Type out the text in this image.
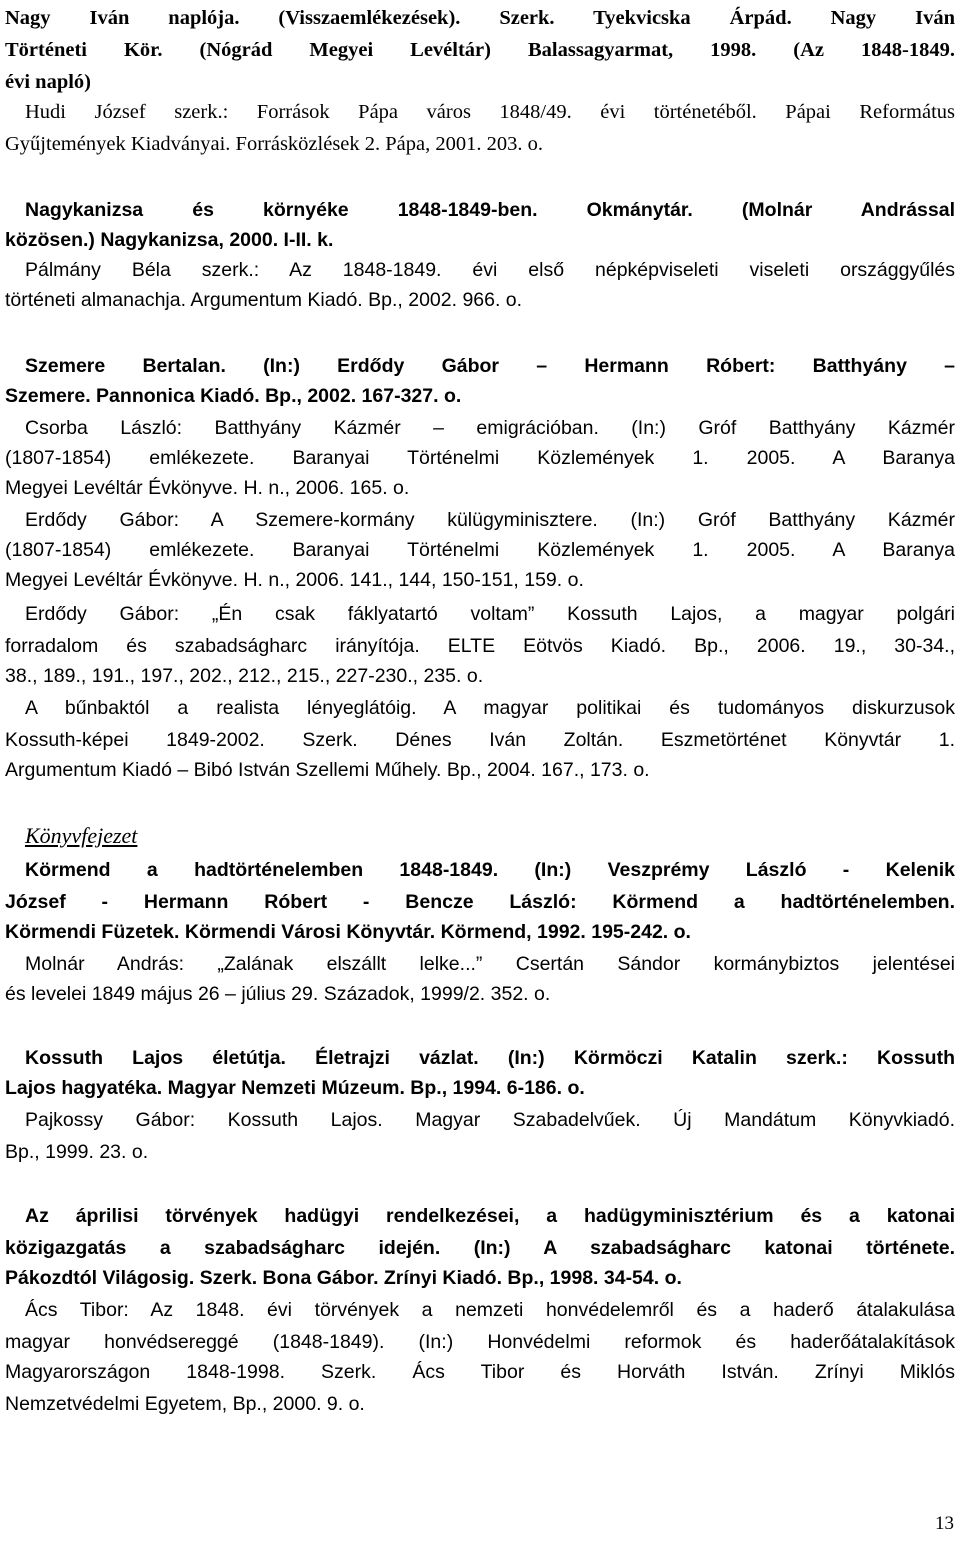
Nagy Iván naplója. (Visszaemlékezések). Szerk. Tyekvicska Árpád. Nagy Iván
Történeti Kör. (Nógrád Megyei Levéltár) Balassagyarmat, 1998. (Az 1848-1849.
évi napló)
Hudi József szerk.: Források Pápa város 1848/49. évi történetéből. Pápai Református
Gyűjtemények Kiadványai. Forrásközlések 2. Pápa, 2001. 203. o.
Nagykanizsa és környéke 1848-1849-ben. Okmánytár. (Molnár Andrással
közösen.) Nagykanizsa, 2000. I-II. k.
Pálmány Béla szerk.: Az 1848-1849. évi első népképviseleti viseleti országgyűlés
történeti almanachja. Argumentum Kiadó. Bp., 2002. 966. o.
Szemere Bertalan. (In:) Erdődy Gábor – Hermann Róbert: Batthyány –
Szemere. Pannonica Kiadó. Bp., 2002. 167-327. o.
Csorba László: Batthyány Kázmér – emigrációban. (In:) Gróf Batthyány Kázmér
(1807-1854) emlékezete. Baranyai Történelmi Közlemények 1. 2005. A Baranya
Megyei Levéltár Évkönyve. H. n., 2006. 165. o.
Erdődy Gábor: A Szemere-kormány külügyminisztere. (In:) Gróf Batthyány Kázmér
(1807-1854) emlékezete. Baranyai Történelmi Közlemények 1. 2005. A Baranya
Megyei Levéltár Évkönyve. H. n., 2006. 141., 144, 150-151, 159. o.
Erdődy Gábor: „Én csak fáklyatartó voltam” Kossuth Lajos, a magyar polgári
forradalom és szabadságharc irányítója. ELTE Eötvös Kiadó. Bp., 2006. 19., 30-34.,
38., 189., 191., 197., 202., 212., 215., 227-230., 235. o.
A bűnbaktól a realista lényeglátóig. A magyar politikai és tudományos diskurzusok
Kossuth-képei 1849-2002. Szerk. Dénes Iván Zoltán. Eszmetörténet Könyvtár 1.
Argumentum Kiadó – Bibó István Szellemi Műhely. Bp., 2004. 167., 173. o.
Körmend a hadtörténelemben 1848-1849. (In:) Veszprémy László - Kelenik
József - Hermann Róbert - Bencze László: Körmend a hadtörténelemben.
Körmendi Füzetek. Körmendi Városi Könyvtár. Körmend, 1992. 195-242. o.
Molnár András: „Zalának elszállt lelke...” Csertán Sándor kormánybiztos jelentései
és levelei 1849 május 26 – július 29. Századok, 1999/2. 352. o.
Kossuth Lajos életútja. Életrajzi vázlat. (In:) Körmöczi Katalin szerk.: Kossuth
Lajos hagyatéka. Magyar Nemzeti Múzeum. Bp., 1994. 6-186. o.
Pajkossy Gábor: Kossuth Lajos. Magyar Szabadelvűek. Új Mandátum Könyvkiadó.
Bp., 1999. 23. o.
Az áprilisi törvények hadügyi rendelkezései, a hadügyminisztérium és a katonai
közigazgatás a szabadságharc idején. (In:) A szabadságharc katonai története.
Pákozdtól Világosig. Szerk. Bona Gábor. Zrínyi Kiadó. Bp., 1998. 34-54. o.
Ács Tibor: Az 1848. évi törvények a nemzeti honvédelemről és a haderő átalakulása
magyar honvédsereggé (1848-1849). (In:) Honvédelmi reformok és haderőátalakítások
Magyarországon 1848-1998. Szerk. Ács Tibor és Horváth István. Zrínyi Miklós
Nemzetvédelmi Egyetem, Bp., 2000. 9. o.
Könyvfejezet
13
